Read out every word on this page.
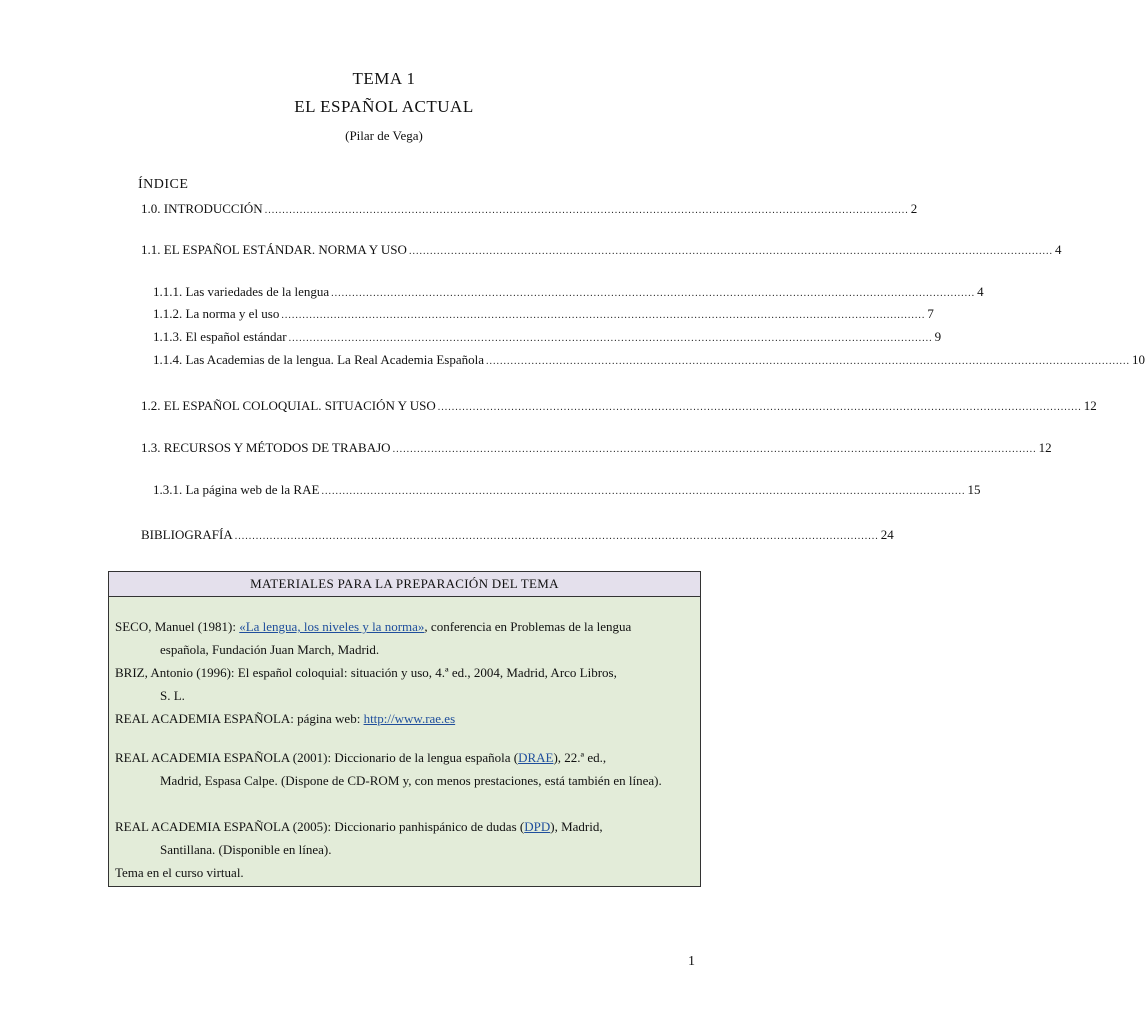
TEMA 1
EL ESPAÑOL ACTUAL
(Pilar de Vega)
ÍNDICE
1.0. INTRODUCCIÓN ........................................................................................................................................................................................ 2
1.1. EL ESPAÑOL ESTÁNDAR. NORMA Y USO ........................................................................................................................................................................................ 4
1.1.1. Las variedades de la lengua ........................................................................................................................................................................................ 4
1.1.2. La norma y el uso ........................................................................................................................................................................................ 7
1.1.3. El español estándar ........................................................................................................................................................................................ 9
1.1.4. Las Academias de la lengua. La Real Academia Española ........................................................................................................................................................................................ 10
1.2. EL ESPAÑOL COLOQUIAL. SITUACIÓN Y USO ........................................................................................................................................................................................ 12
1.3. RECURSOS Y MÉTODOS DE TRABAJO ........................................................................................................................................................................................ 12
1.3.1. La página web de la RAE ........................................................................................................................................................................................ 15
BIBLIOGRAFÍA ........................................................................................................................................................................................ 24
MATERIALES PARA LA PREPARACIÓN DEL TEMA
SECO, Manuel (1981): «La lengua, los niveles y la norma», conferencia en Problemas de la lengua
española, Fundación Juan March, Madrid.
BRIZ, Antonio (1996): El español coloquial: situación y uso, 4.ª ed., 2004, Madrid, Arco Libros,
S. L.
REAL ACADEMIA ESPAÑOLA: página web: http://www.rae.es
REAL ACADEMIA ESPAÑOLA (2001): Diccionario de la lengua española (DRAE), 22.ª ed.,
Madrid, Espasa Calpe. (Dispone de CD-ROM y, con menos prestaciones, está también en línea).
REAL ACADEMIA ESPAÑOLA (2005): Diccionario panhispánico de dudas (DPD), Madrid,
Santillana. (Disponible en línea).
Tema en el curso virtual.
1
